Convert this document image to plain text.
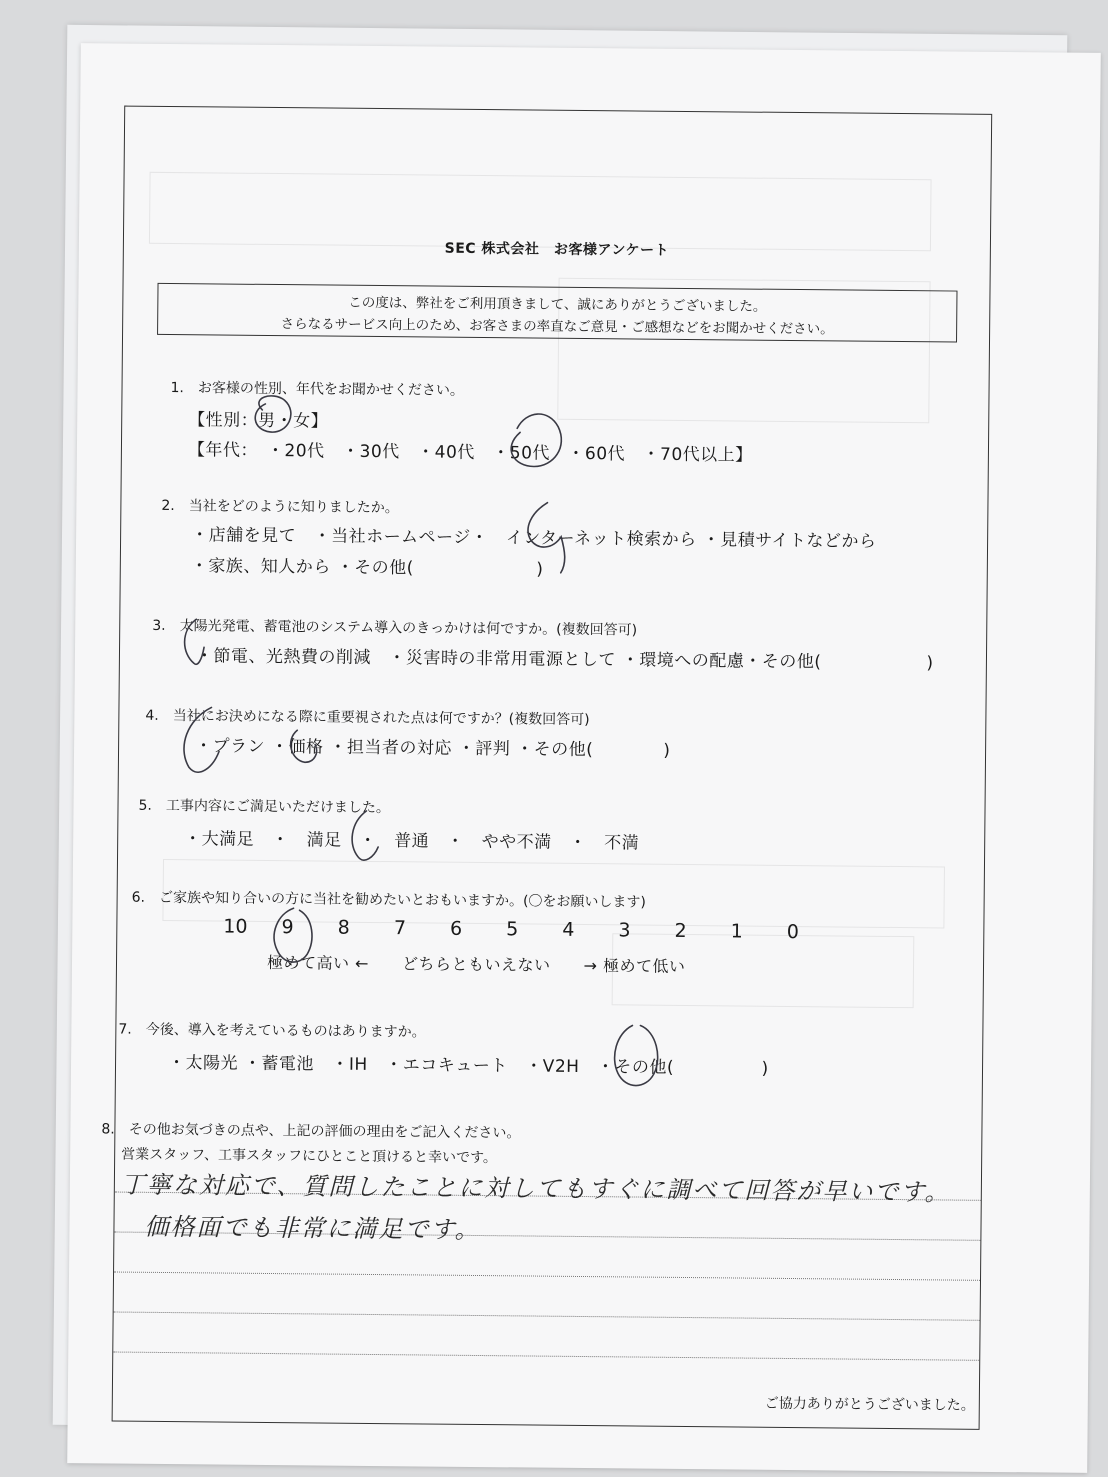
SEC 株式会社　お客様アンケート
この度は、弊社をご利用頂きまして、誠にありがとうございました。
さらなるサービス向上のため、お客さまの率直なご意見・ご感想などをお聞かせください。
1.　お客様の性別、年代をお聞かせください。
【性別：男・女】
【年代：　・20代　・30代　・40代　・50代　・60代　・70代以上】
2.　当社をどのように知りましたか。
・店舗を見て　・当社ホームページ・　インターネット検索から ・見積サイトなどから
・家族、知人から ・その他(　　　　　　　)
3.　太陽光発電、蓄電池のシステム導入のきっかけは何ですか。(複数回答可)
・節電、光熱費の削減　・災害時の非常用電源として ・環境への配慮・その他(　　　　　　)
4.　当社にお決めになる際に重要視された点は何ですか？(複数回答可)
・プラン ・価格 ・担当者の対応 ・評判 ・その他(　　　　)
5.　工事内容にご満足いただけました。
・大満足　・　満足　・　普通　・　やや不満　・　不満
6.　ご家族や知り合いの方に当社を勧めたいとおもいますか。(〇をお願いします)
10 9 8 7 6 5 4 3 2 1 0
極めて高い ←　　どちらともいえない　　→ 極めて低い
7.　今後、導入を考えているものはありますか。
・太陽光 ・蓄電池　・IH　・エコキュート　・V2H　・その他(　　　　　)
8.　その他お気づきの点や、上記の評価の理由をご記入ください。
営業スタッフ、工事スタッフにひとこと頂けると幸いです。
丁寧な対応で、質問したことに対してもすぐに調べて回答が早いです。
価格面でも非常に満足です。
ご協力ありがとうございました。
